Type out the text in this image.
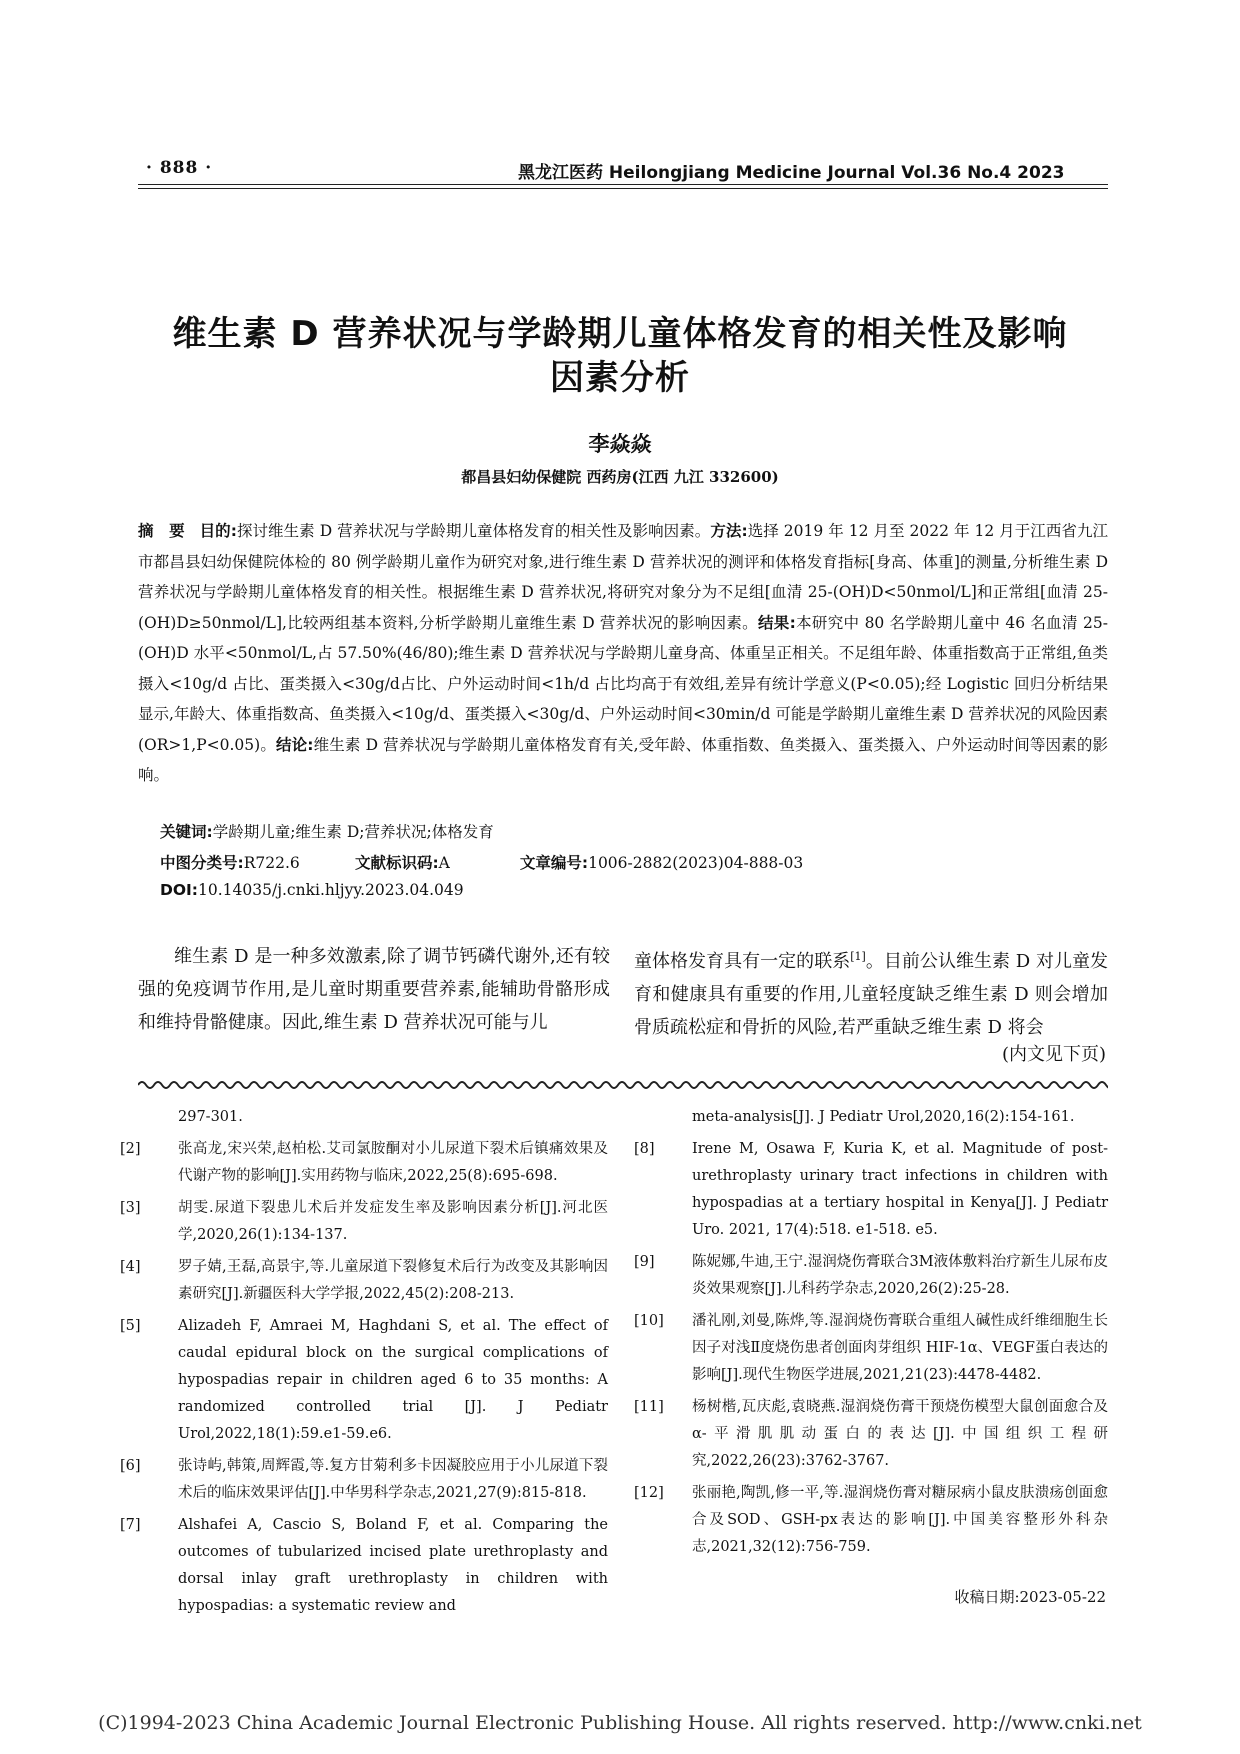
· 888 ·	黑龙江医药 Heilongjiang Medicine Journal Vol.36 No.4 2023
维生素 D 营养状况与学龄期儿童体格发育的相关性及影响
因素分析
李焱焱
都昌县妇幼保健院 西药房(江西 九江 332600)
摘　要 目的:探讨维生素 D 营养状况与学龄期儿童体格发育的相关性及影响因素。方法:选择 2019 年 12 月至 2022 年 12 月于江西省九江市都昌县妇幼保健院体检的 80 例学龄期儿童作为研究对象,进行维生素 D 营养状况的测评和体格发育指标[身高、体重]的测量,分析维生素 D 营养状况与学龄期儿童体格发育的相关性。根据维生素 D 营养状况,将研究对象分为不足组[血清 25-(OH)D<50nmol/L]和正常组[血清 25-(OH)D≥50nmol/L],比较两组基本资料,分析学龄期儿童维生素 D 营养状况的影响因素。结果:本研究中 80 名学龄期儿童中 46 名血清 25-(OH)D 水平<50nmol/L,占 57.50%(46/80);维生素 D 营养状况与学龄期儿童身高、体重呈正相关。不足组年龄、体重指数高于正常组,鱼类摄入<10g/d 占比、蛋类摄入<30g/d占比、户外运动时间<1h/d 占比均高于有效组,差异有统计学意义(P<0.05);经 Logistic 回归分析结果显示,年龄大、体重指数高、鱼类摄入<10g/d、蛋类摄入<30g/d、户外运动时间<30min/d 可能是学龄期儿童维生素 D 营养状况的风险因素(OR>1,P<0.05)。结论:维生素 D 营养状况与学龄期儿童体格发育有关,受年龄、体重指数、鱼类摄入、蛋类摄入、户外运动时间等因素的影响。
关键词:学龄期儿童;维生素 D;营养状况;体格发育
中图分类号:R722.6	文献标识码:A	文章编号:1006-2882(2023)04-888-03
DOI:10.14035/j.cnki.hljyy.2023.04.049
维生素 D 是一种多效激素,除了调节钙磷代谢外,还有较强的免疫调节作用,是儿童时期重要营养素,能辅助骨骼形成和维持骨骼健康。因此,维生素 D 营养状况可能与儿
童体格发育具有一定的联系[1]。目前公认维生素 D 对儿童发育和健康具有重要的作用,儿童轻度缺乏维生素 D 则会增加骨质疏松症和骨折的风险,若严重缺乏维生素 D 将会
(内文见下页)
297-301.
[2]	张高龙,宋兴荣,赵柏松.艾司氯胺酮对小儿尿道下裂术后镇痛效果及代谢产物的影响[J].实用药物与临床,2022,25(8):695-698.
[3]	胡雯.尿道下裂患儿术后并发症发生率及影响因素分析[J].河北医学,2020,26(1):134-137.
[4]	罗子婧,王磊,高景宇,等.儿童尿道下裂修复术后行为改变及其影响因素研究[J].新疆医科大学学报,2022,45(2):208-213.
[5]	Alizadeh F, Amraei M, Haghdani S, et al. The effect of caudal epidural block on the surgical complications of hypospadias repair in children aged 6 to 35 months: A randomized controlled trial [J]. J Pediatr Urol,2022,18(1):59.e1-59.e6.
[6]	张诗屿,韩策,周辉霞,等.复方甘菊利多卡因凝胶应用于小儿尿道下裂术后的临床效果评估[J].中华男科学杂志,2021,27(9):815-818.
[7]	Alshafei A, Cascio S, Boland F, et al. Comparing the outcomes of tubularized incised plate urethroplasty and dorsal inlay graft urethroplasty in children with hypospadias: a systematic review and
meta-analysis[J]. J Pediatr Urol,2020,16(2):154-161.
[8]	Irene M, Osawa F, Kuria K, et al. Magnitude of post-urethroplasty urinary tract infections in children with hypospadias at a tertiary hospital in Kenya[J]. J Pediatr Uro. 2021, 17(4):518. e1-518. e5.
[9]	陈妮娜,牛迪,王宁.湿润烧伤膏联合3M液体敷料治疗新生儿尿布皮炎效果观察[J].儿科药学杂志,2020,26(2):25-28.
[10]	潘礼刚,刘曼,陈烨,等.湿润烧伤膏联合重组人碱性成纤维细胞生长因子对浅Ⅱ度烧伤患者创面肉芽组织 HIF-1α、VEGF蛋白表达的影响[J].现代生物医学进展,2021,21(23):4478-4482.
[11]	杨树楷,瓦庆彪,袁晓燕.湿润烧伤膏干预烧伤模型大鼠创面愈合及α-平滑肌肌动蛋白的表达[J].中国组织工程研究,2022,26(23):3762-3767.
[12]	张丽艳,陶凯,修一平,等.湿润烧伤膏对糖尿病小鼠皮肤溃疡创面愈合及SOD、GSH-px表达的影响[J].中国美容整形外科杂志,2021,32(12):756-759.
收稿日期:2023-05-22
(C)1994-2023 China Academic Journal Electronic Publishing House. All rights reserved. http://www.cnki.net
